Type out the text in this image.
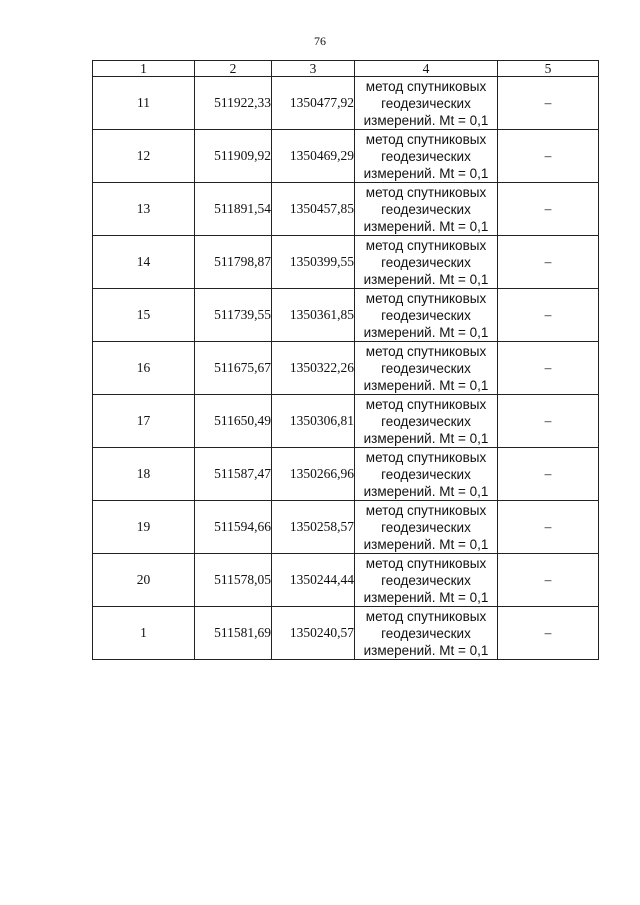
76
1	2	3	4	5
11	511922,33	1350477,92	метод спутниковых
геодезических
измерений. Mt = 0,1	–
12	511909,92	1350469,29	метод спутниковых
геодезических
измерений. Mt = 0,1	–
13	511891,54	1350457,85	метод спутниковых
геодезических
измерений. Mt = 0,1	–
14	511798,87	1350399,55	метод спутниковых
геодезических
измерений. Mt = 0,1	–
15	511739,55	1350361,85	метод спутниковых
геодезических
измерений. Mt = 0,1	–
16	511675,67	1350322,26	метод спутниковых
геодезических
измерений. Mt = 0,1	–
17	511650,49	1350306,81	метод спутниковых
геодезических
измерений. Mt = 0,1	–
18	511587,47	1350266,96	метод спутниковых
геодезических
измерений. Mt = 0,1	–
19	511594,66	1350258,57	метод спутниковых
геодезических
измерений. Mt = 0,1	–
20	511578,05	1350244,44	метод спутниковых
геодезических
измерений. Mt = 0,1	–
1	511581,69	1350240,57	метод спутниковых
геодезических
измерений. Mt = 0,1	–
